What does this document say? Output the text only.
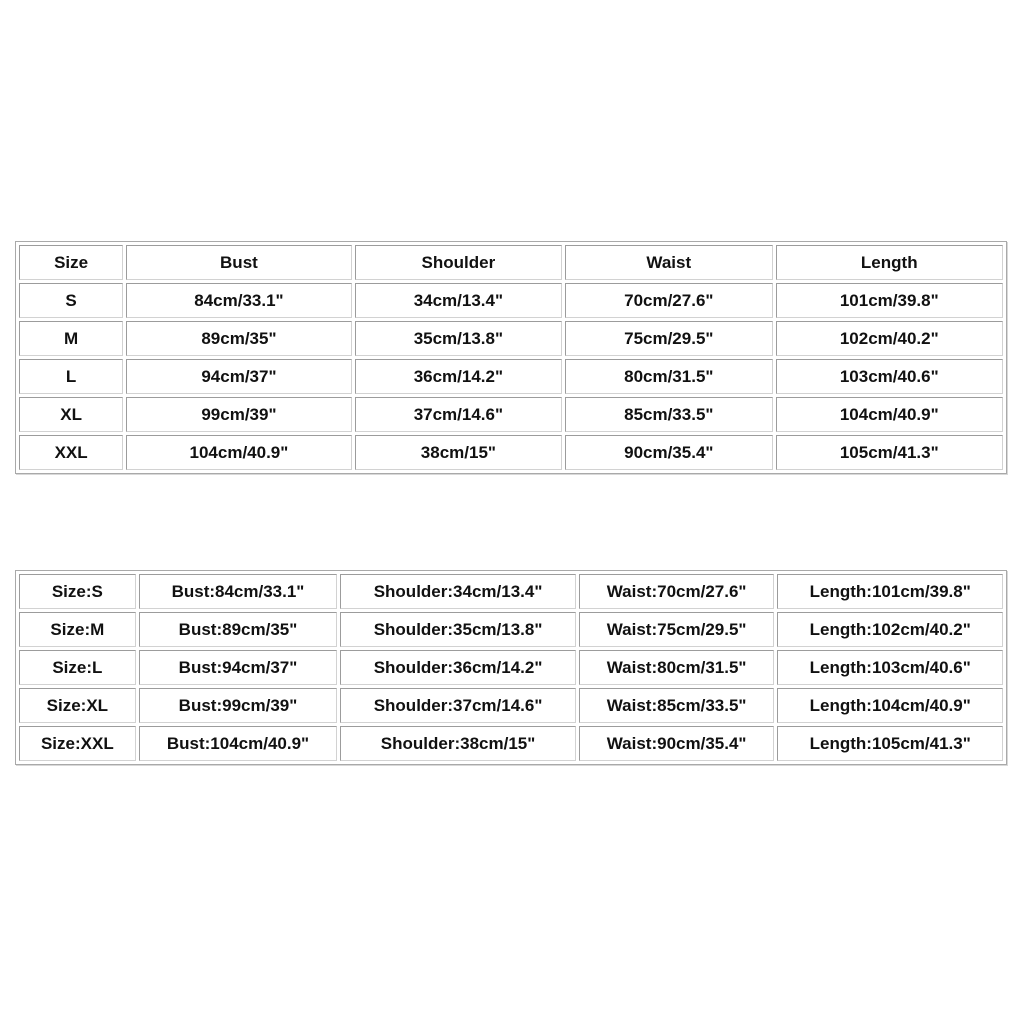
Size	Bust	Shoulder	Waist	Length
S	84cm/33.1"	34cm/13.4"	70cm/27.6"	101cm/39.8"
M	89cm/35"	35cm/13.8"	75cm/29.5"	102cm/40.2"
L	94cm/37"	36cm/14.2"	80cm/31.5"	103cm/40.6"
XL	99cm/39"	37cm/14.6"	85cm/33.5"	104cm/40.9"
XXL	104cm/40.9"	38cm/15"	90cm/35.4"	105cm/41.3"
Size:S	Bust:84cm/33.1"	Shoulder:34cm/13.4"	Waist:70cm/27.6"	Length:101cm/39.8"
Size:M	Bust:89cm/35"	Shoulder:35cm/13.8"	Waist:75cm/29.5"	Length:102cm/40.2"
Size:L	Bust:94cm/37"	Shoulder:36cm/14.2"	Waist:80cm/31.5"	Length:103cm/40.6"
Size:XL	Bust:99cm/39"	Shoulder:37cm/14.6"	Waist:85cm/33.5"	Length:104cm/40.9"
Size:XXL	Bust:104cm/40.9"	Shoulder:38cm/15"	Waist:90cm/35.4"	Length:105cm/41.3"
